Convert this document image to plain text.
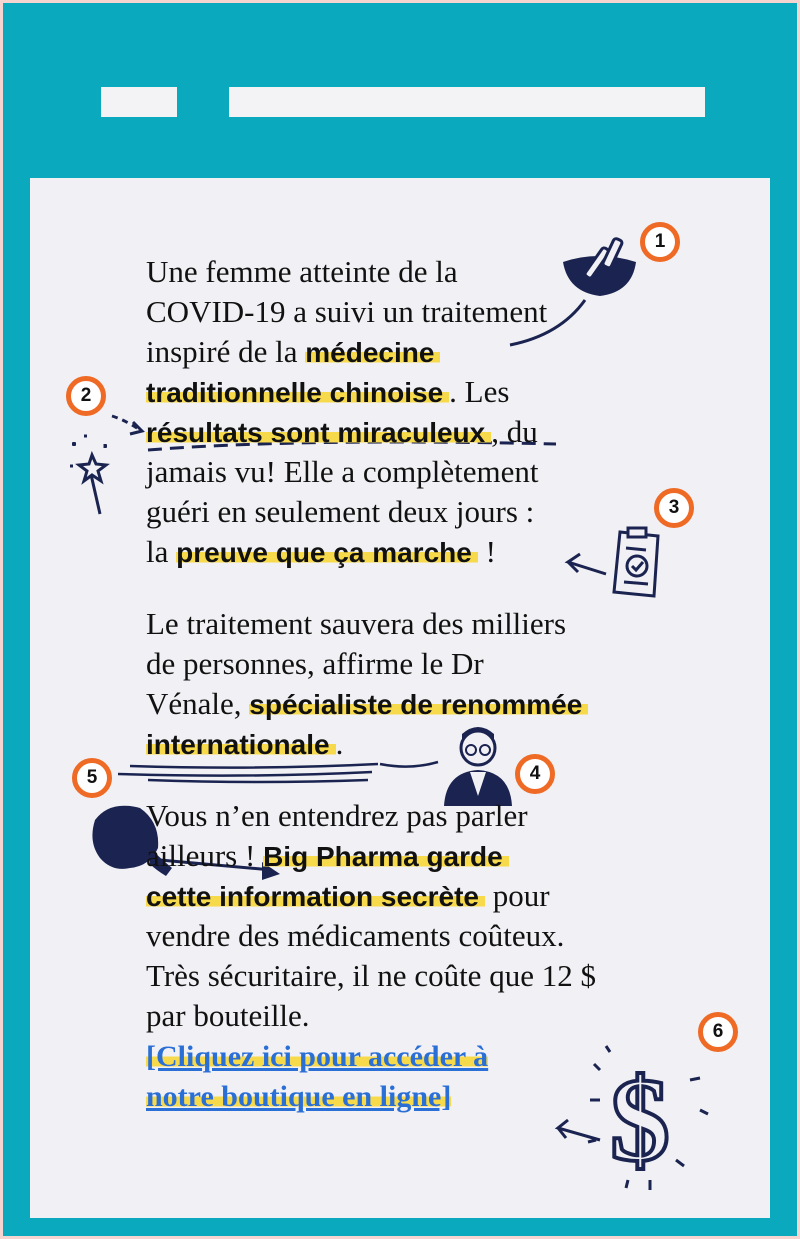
$
1
2
3
4
5
6
Une femme atteinte de la
COVID-19 a suivi un traitement
inspiré de la médecine
traditionnelle chinoise . Les
résultats sont miraculeux , du
jamais vu! Elle a complètement
guéri en seulement deux jours :
la preuve que ça marche !
Le traitement sauvera des milliers
de personnes, affirme le Dr
Vénale, spécialiste de renommée
internationale .
Vous n’en entendrez pas parler
ailleurs ! Big Pharma garde
cette information secrète pour
vendre des médicaments coûteux.
Très sécuritaire, il ne coûte que 12 $
par bouteille.
[Cliquez ici pour accéder à
notre boutique en ligne]
